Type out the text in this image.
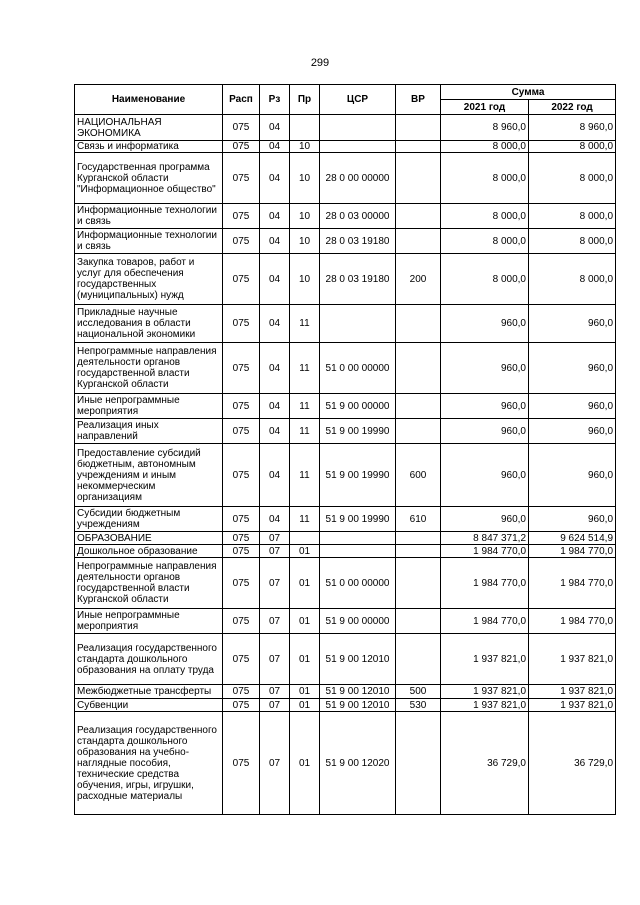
299
Наименование	Расп	Рз	Пр	ЦСР	ВР	Сумма	
						2021 год	2022 год
НАЦИОНАЛЬНАЯ ЭКОНОМИКА	075	04				8 960,0	8 960,0
Связь и информатика	075	04	10			8 000,0	8 000,0
Государственная программа Курганской области "Информационное общество"	075	04	10	28 0 00 00000		8 000,0	8 000,0
Информационные технологии и связь	075	04	10	28 0 03 00000		8 000,0	8 000,0
Информационные технологии и связь	075	04	10	28 0 03 19180		8 000,0	8 000,0
Закупка товаров, работ и услуг для обеспечения государственных (муниципальных) нужд	075	04	10	28 0 03 19180	200	8 000,0	8 000,0
Прикладные научные исследования в области национальной экономики	075	04	11			960,0	960,0
Непрограммные направления деятельности органов государственной власти Курганской области	075	04	11	51 0 00 00000		960,0	960,0
Иные непрограммные мероприятия	075	04	11	51 9 00 00000		960,0	960,0
Реализация иных направлений	075	04	11	51 9 00 19990		960,0	960,0
Предоставление субсидий бюджетным, автономным учреждениям и иным некоммерческим организациям	075	04	11	51 9 00 19990	600	960,0	960,0
Субсидии бюджетным учреждениям	075	04	11	51 9 00 19990	610	960,0	960,0
ОБРАЗОВАНИЕ	075	07				8 847 371,2	9 624 514,9
Дошкольное образование	075	07	01			1 984 770,0	1 984 770,0
Непрограммные направления деятельности органов государственной власти Курганской области	075	07	01	51 0 00 00000		1 984 770,0	1 984 770,0
Иные непрограммные мероприятия	075	07	01	51 9 00 00000		1 984 770,0	1 984 770,0
Реализация государственного стандарта дошкольного образования на оплату труда	075	07	01	51 9 00 12010		1 937 821,0	1 937 821,0
Межбюджетные трансферты	075	07	01	51 9 00 12010	500	1 937 821,0	1 937 821,0
Субвенции	075	07	01	51 9 00 12010	530	1 937 821,0	1 937 821,0
Реализация государственного стандарта дошкольного образования на учебно-наглядные пособия, технические средства обучения, игры, игрушки, расходные материалы	075	07	01	51 9 00 12020		36 729,0	36 729,0
